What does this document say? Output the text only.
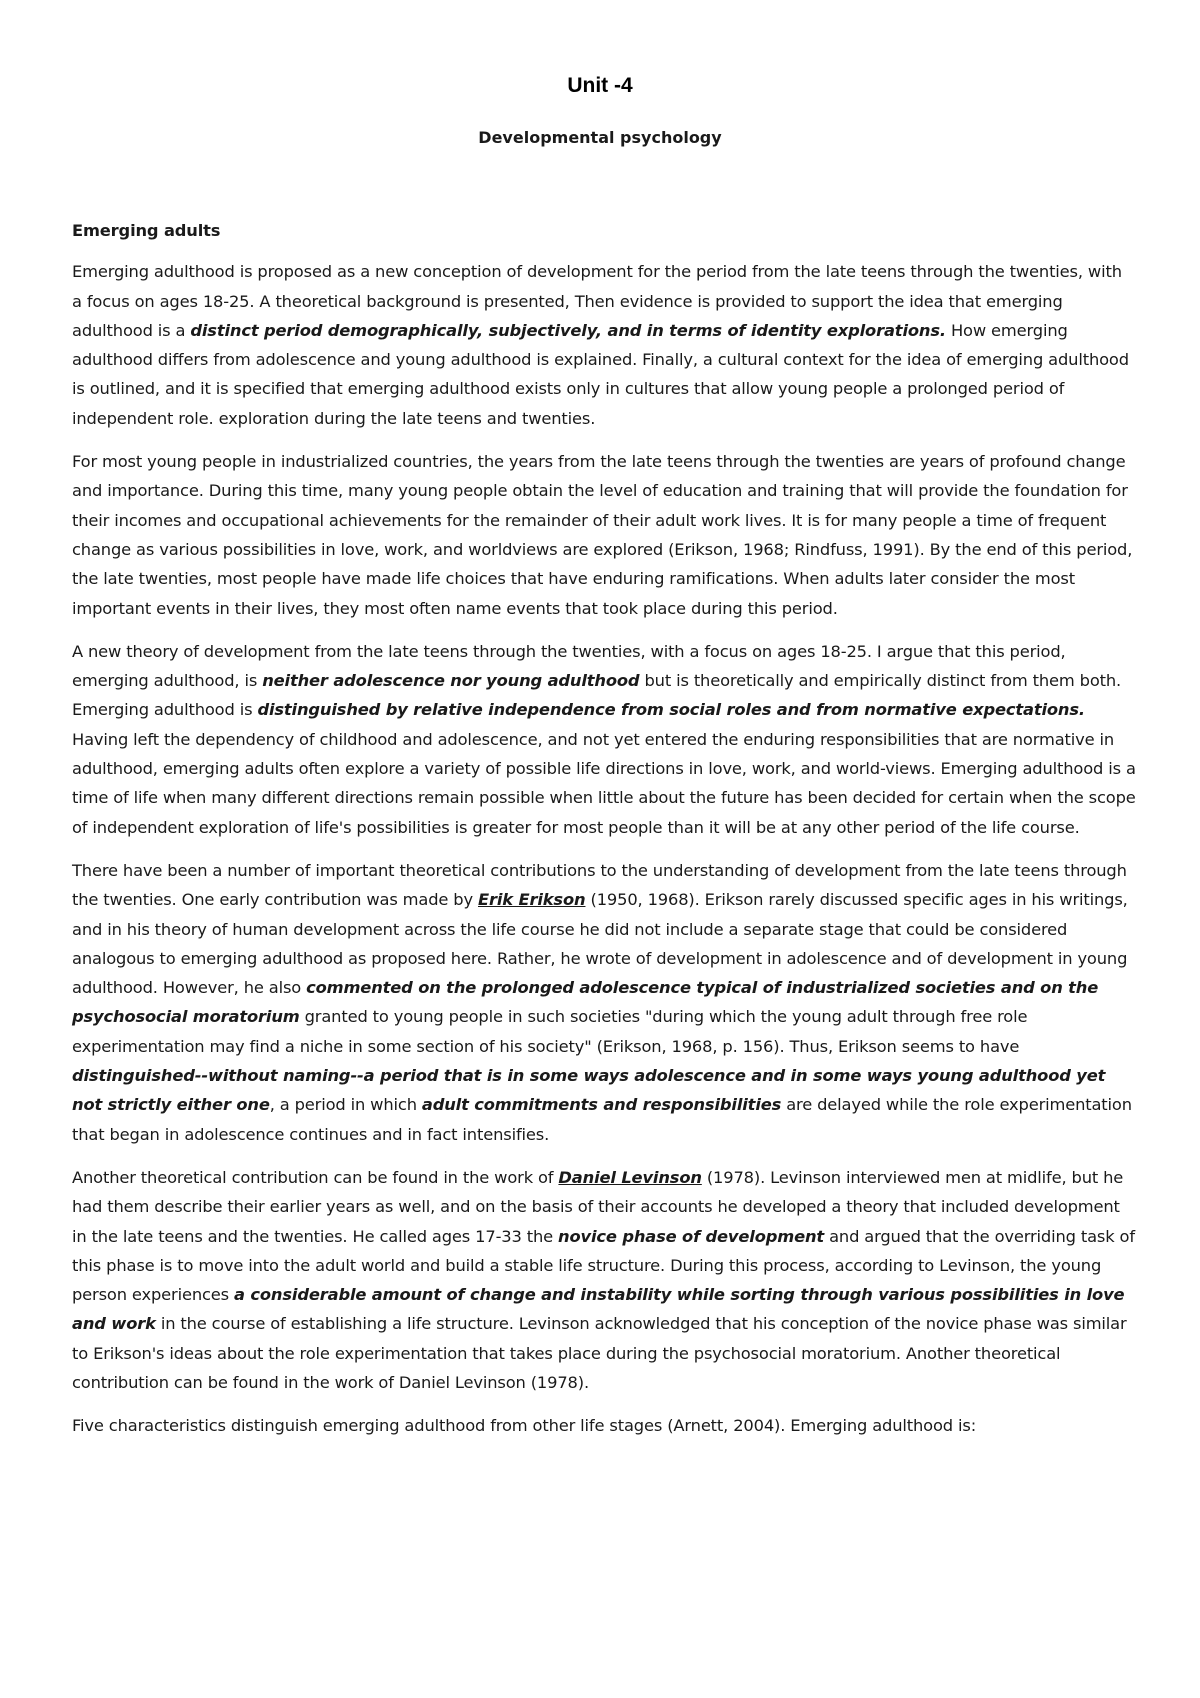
Unit -4
Developmental psychology

Emerging adults

Emerging adulthood is proposed as a new conception of development for the period from the late teens through the twenties, with a focus on ages 18-25. A theoretical background is presented, Then evidence is provided to support the idea that emerging adulthood is a distinct period demographically, subjectively, and in terms of identity explorations. How emerging adulthood differs from adolescence and young adulthood is explained. Finally, a cultural context for the idea of emerging adulthood is outlined, and it is specified that emerging adulthood exists only in cultures that allow young people a prolonged period of independent role. exploration during the late teens and twenties.

For most young people in industrialized countries, the years from the late teens through the twenties are years of profound change and importance. During this time, many young people obtain the level of education and training that will provide the foundation for their incomes and occupational achievements for the remainder of their adult work lives. It is for many people a time of frequent change as various possibilities in love, work, and worldviews are explored (Erikson, 1968; Rindfuss, 1991). By the end of this period, the late twenties, most people have made life choices that have enduring ramifications. When adults later consider the most important events in their lives, they most often name events that took place during this period.

A new theory of development from the late teens through the twenties, with a focus on ages 18-25. I argue that this period, emerging adulthood, is neither adolescence nor young adulthood but is theoretically and empirically distinct from them both. Emerging adulthood is distinguished by relative independence from social roles and from normative expectations. Having left the dependency of childhood and adolescence, and not yet entered the enduring responsibilities that are normative in adulthood, emerging adults often explore a variety of possible life directions in love, work, and world-views. Emerging adulthood is a time of life when many different directions remain possible when little about the future has been decided for certain when the scope of independent exploration of life's possibilities is greater for most people than it will be at any other period of the life course.

There have been a number of important theoretical contributions to the understanding of development from the late teens through the twenties. One early contribution was made by Erik Erikson (1950, 1968). Erikson rarely discussed specific ages in his writings, and in his theory of human development across the life course he did not include a separate stage that could be considered analogous to emerging adulthood as proposed here. Rather, he wrote of development in adolescence and of development in young adulthood. However, he also commented on the prolonged adolescence typical of industrialized societies and on the psychosocial moratorium granted to young people in such societies "during which the young adult through free role experimentation may find a niche in some section of his society" (Erikson, 1968, p. 156). Thus, Erikson seems to have distinguished--without naming--a period that is in some ways adolescence and in some ways young adulthood yet not strictly either one, a period in which adult commitments and responsibilities are delayed while the role experimentation that began in adolescence continues and in fact intensifies.

Another theoretical contribution can be found in the work of Daniel Levinson (1978). Levinson interviewed men at midlife, but he had them describe their earlier years as well, and on the basis of their accounts he developed a theory that included development in the late teens and the twenties. He called ages 17-33 the novice phase of development and argued that the overriding task of this phase is to move into the adult world and build a stable life structure. During this process, according to Levinson, the young person experiences a considerable amount of change and instability while sorting through various possibilities in love and work in the course of establishing a life structure. Levinson acknowledged that his conception of the novice phase was similar to Erikson's ideas about the role experimentation that takes place during the psychosocial moratorium. Another theoretical contribution can be found in the work of Daniel Levinson (1978).

Five characteristics distinguish emerging adulthood from other life stages (Arnett, 2004). Emerging adulthood is:
